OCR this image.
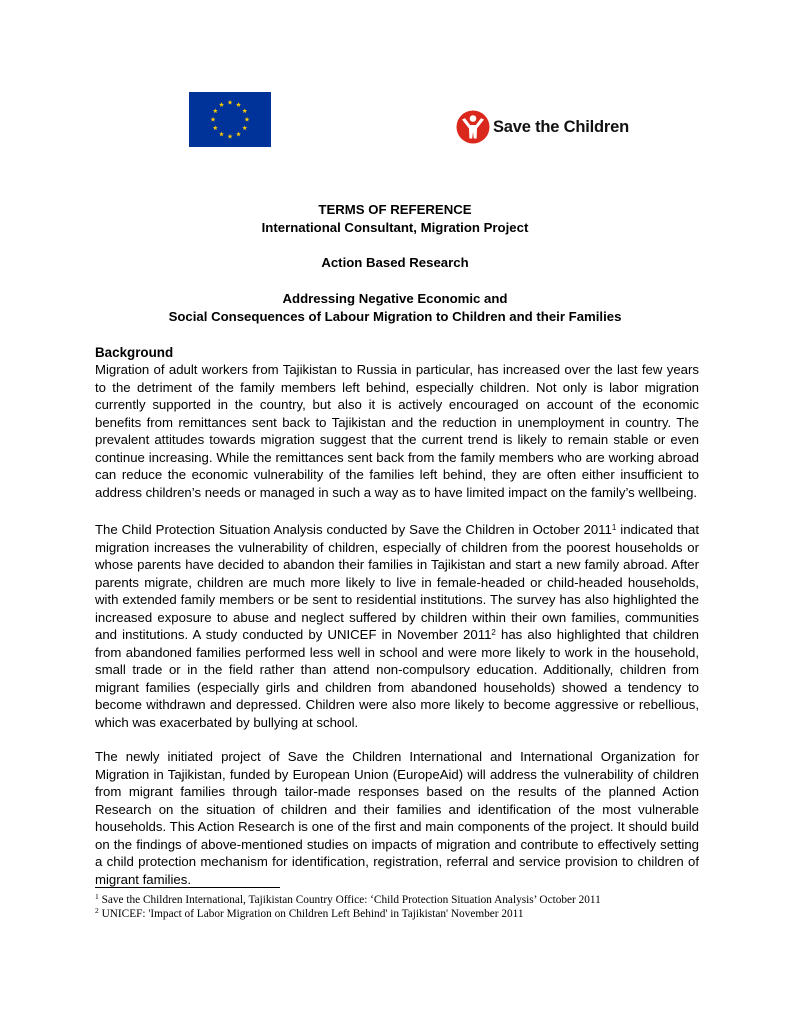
Save the Children
TERMS OF REFERENCE
International Consultant, Migration Project
Action Based Research
Addressing Negative Economic and
Social Consequences of Labour Migration to Children and their Families
Background

Migration of adult workers from Tajikistan to Russia in particular, has increased over the last few years to the detriment of the family members left behind, especially children. Not only is labor migration currently supported in the country, but also it is actively encouraged on account of the economic benefits from remittances sent back to Tajikistan and the reduction in unemployment in country. The prevalent attitudes towards migration suggest that the current trend is likely to remain stable or even continue increasing. While the remittances sent back from the family members who are working abroad can reduce the economic vulnerability of the families left behind, they are often either insufficient to address children’s needs or managed in such a way as to have limited impact on the family’s wellbeing.

The Child Protection Situation Analysis conducted by Save the Children in October 2011$^1$ indicated that migration increases the vulnerability of children, especially of children from the poorest households or whose parents have decided to abandon their families in Tajikistan and start a new family abroad. After parents migrate, children are much more likely to live in female-headed or child-headed households, with extended family members or be sent to residential institutions. The survey has also highlighted the increased exposure to abuse and neglect suffered by children within their own families, communities and institutions. A study conducted by UNICEF in November 2011$^2$ has also highlighted that children from abandoned families performed less well in school and were more likely to work in the household, small trade or in the field rather than attend non-compulsory education. Additionally, children from migrant families (especially girls and children from abandoned households) showed a tendency to become withdrawn and depressed. Children were also more likely to become aggressive or rebellious, which was exacerbated by bullying at school.

The newly initiated project of Save the Children International and International Organization for Migration in Tajikistan, funded by European Union (EuropeAid) will address the vulnerability of children from migrant families through tailor-made responses based on the results of the planned Action Research on the situation of children and their families and identification of the most vulnerable households. This Action Research is one of the first and main components of the project. It should build on the findings of above-mentioned studies on impacts of migration and contribute to effectively setting a child protection mechanism for identification, registration, referral and service provision to children of migrant families.

$^1$ Save the Children International, Tajikistan Country Office: ‘Child Protection Situation Analysis’ October 2011
$^2$ UNICEF: 'Impact of Labor Migration on Children Left Behind' in Tajikistan' November 2011
